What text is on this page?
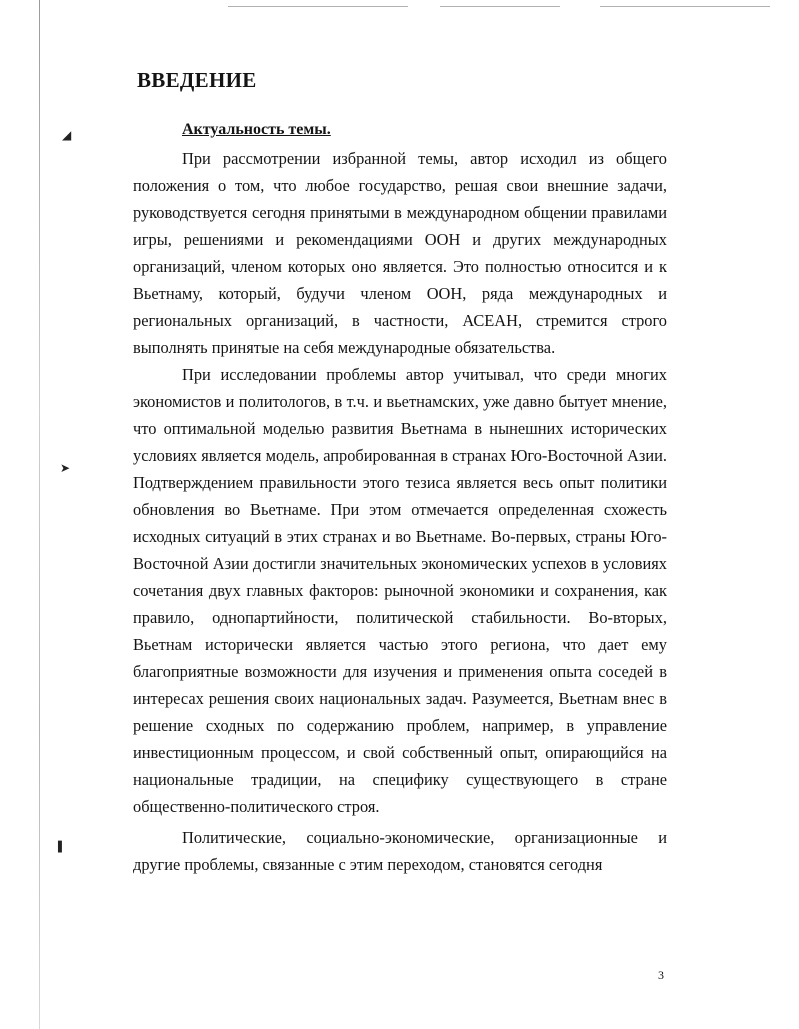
◢
➤
▌
ВВЕДЕНИЕ
Актуальность темы.

При рассмотрении избранной темы, автор исходил из общего положения о том, что любое государство, решая свои внешние задачи, руководствуется сегодня принятыми в международном общении правилами игры, решениями и рекомендациями ООН и других международных организаций, членом которых оно является. Это полностью относится и к Вьетнаму, который, будучи членом ООН, ряда международных и региональных организаций, в частности, АСЕАН, стремится строго выполнять принятые на себя международные обязательства.

При исследовании проблемы автор учитывал, что среди многих экономистов и политологов, в т.ч. и вьетнамских, уже давно бытует мнение, что оптимальной моделью развития Вьетнама в нынешних исторических условиях является модель, апробированная в странах Юго-Восточной Азии. Подтверждением правильности этого тезиса является весь опыт политики обновления во Вьетнаме. При этом отмечается определенная схожесть исходных ситуаций в этих странах и во Вьетнаме. Во-первых, страны Юго-Восточной Азии достигли значительных экономических успехов в условиях сочетания двух главных факторов: рыночной экономики и сохранения, как правило, однопартийности, политической стабильности. Во-вторых, Вьетнам исторически является частью этого региона, что дает ему благоприятные возможности для изучения и применения опыта соседей в интересах решения своих национальных задач. Разумеется, Вьетнам внес в решение сходных по содержанию проблем, например, в управление инвестиционным процессом, и свой собственный опыт, опирающийся на национальные традиции, на специфику существующего в стране общественно-политического строя.

Политические, социально-экономические, организационные и другие проблемы, связанные с этим переходом, становятся сегодня

3
